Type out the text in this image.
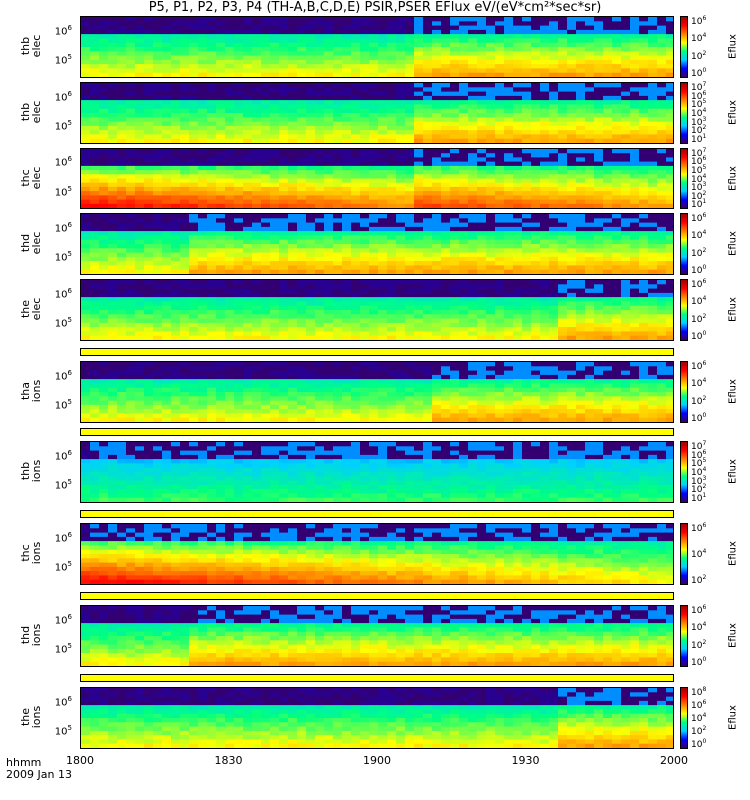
P5, P1, P2, P3, P4 (TH-A,B,C,D,E) PSIR,PSER EFlux eV/(eV*cm²*sec*sr)
thb
elec
$10^6$
$10^5$
$10^6$
$10^4$
$10^2$
$10^0$
Eflux
thb
elec
$10^6$
$10^5$
$10^7$
$10^6$
$10^5$
$10^4$
$10^3$
$10^2$
$10^1$
Eflux
thc
elec
$10^6$
$10^5$
$10^7$
$10^6$
$10^5$
$10^4$
$10^3$
$10^2$
$10^1$
Eflux
thd
elec
$10^6$
$10^5$
$10^6$
$10^4$
$10^2$
$10^0$
Eflux
the
elec
$10^6$
$10^5$
$10^6$
$10^4$
$10^2$
$10^0$
Eflux
tha
ions
$10^6$
$10^5$
$10^6$
$10^4$
$10^2$
$10^0$
Eflux
thb
ions
$10^6$
$10^5$
$10^7$
$10^6$
$10^5$
$10^4$
$10^3$
$10^2$
$10^1$
Eflux
thc
ions
$10^6$
$10^5$
$10^6$
$10^4$
$10^2$
Eflux
thd
ions
$10^6$
$10^5$
$10^6$
$10^4$
$10^2$
$10^0$
Eflux
the
ions
$10^6$
$10^5$
$10^8$
$10^6$
$10^4$
$10^2$
$10^0$
Eflux
1800	1830	1900	1930	2000
hhmm
2009 Jan 13
